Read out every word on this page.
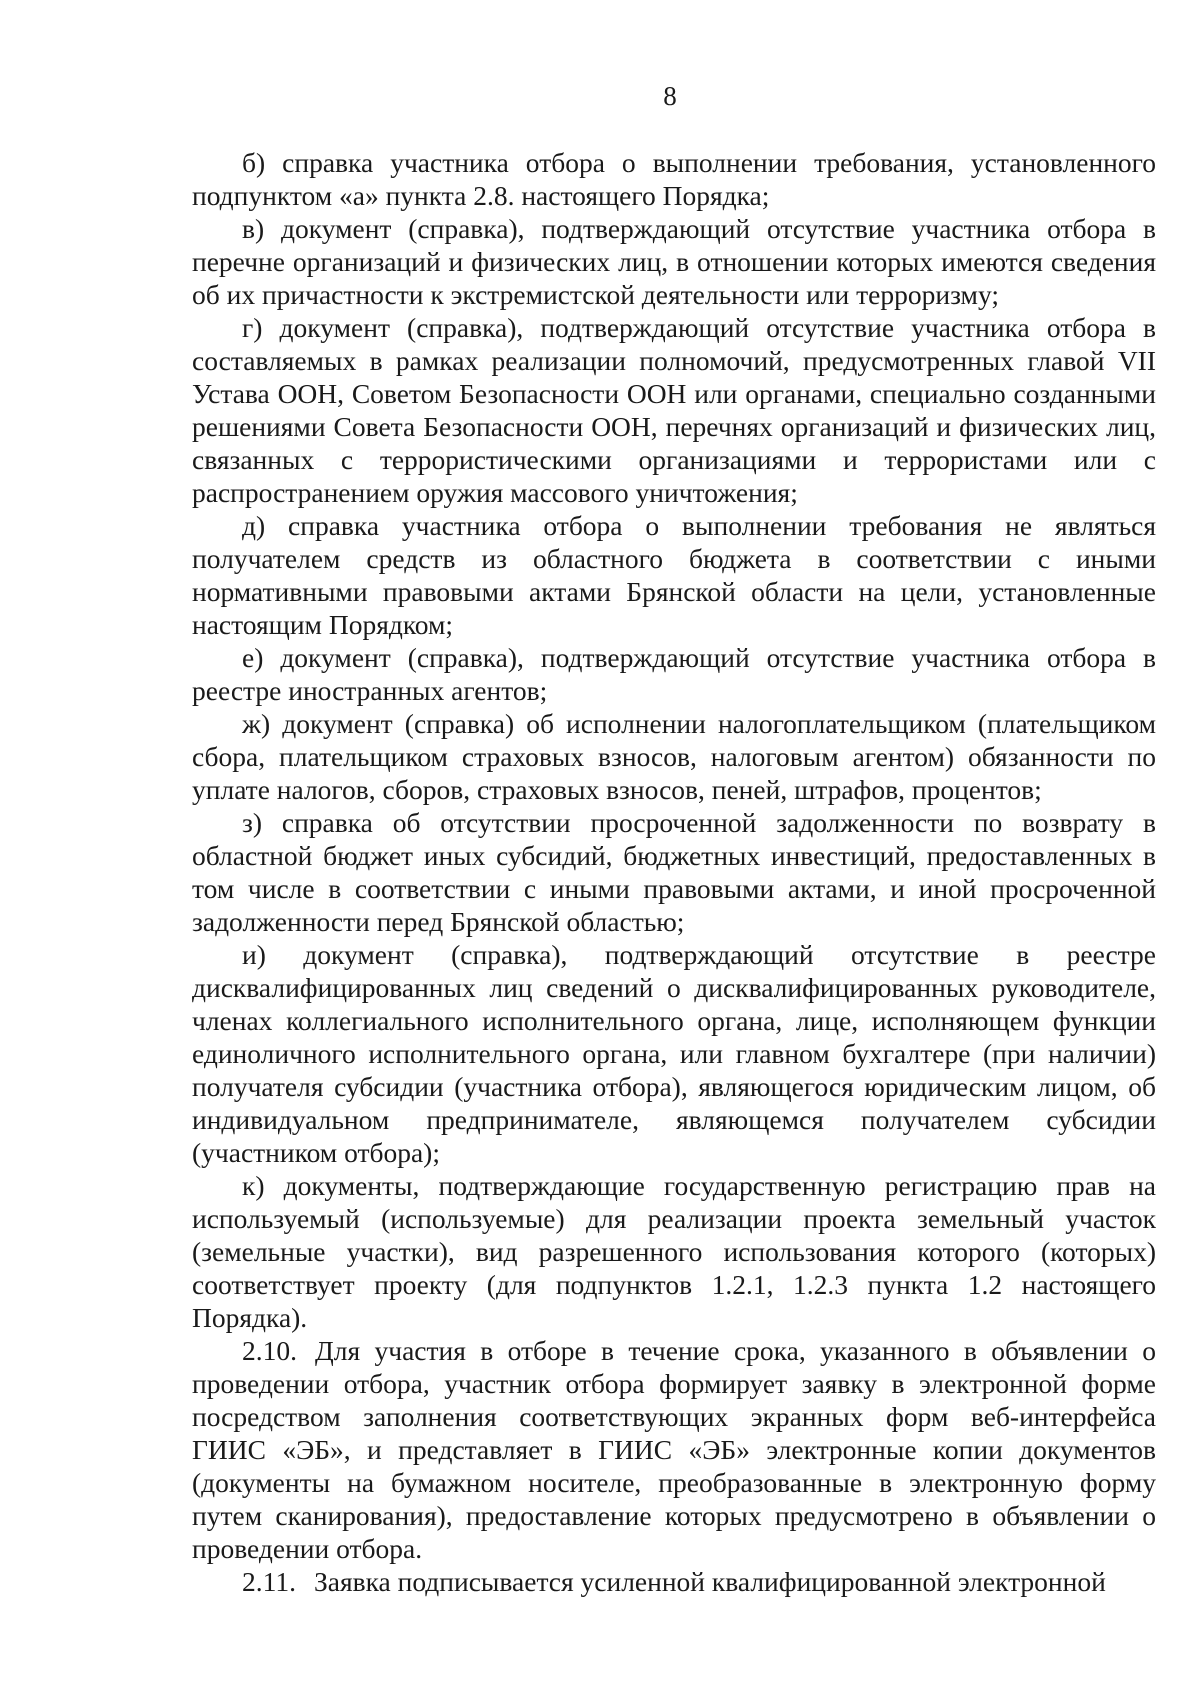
8

б) справка участника отбора о выполнении требования, установленного подпунктом «а» пункта 2.8. настоящего Порядка;

в) документ (справка), подтверждающий отсутствие участника отбора в перечне организаций и физических лиц, в отношении которых имеются сведения об их причастности к экстремистской деятельности или терроризму;

г) документ (справка), подтверждающий отсутствие участника отбора в составляемых в рамках реализации полномочий, предусмотренных главой VII Устава ООН, Советом Безопасности ООН или органами, специально созданными решениями Совета Безопасности ООН, перечнях организаций и физических лиц, связанных с террористическими организациями и террористами или с распространением оружия массового уничтожения;

д) справка участника отбора о выполнении требования не являться получателем средств из областного бюджета в соответствии с иными нормативными правовыми актами Брянской области на цели, установленные настоящим Порядком;

е) документ (справка), подтверждающий отсутствие участника отбора в реестре иностранных агентов;

ж) документ (справка) об исполнении налогоплательщиком (плательщиком сбора, плательщиком страховых взносов, налоговым агентом) обязанности по уплате налогов, сборов, страховых взносов, пеней, штрафов, процентов;

з) справка об отсутствии просроченной задолженности по возврату в областной бюджет иных субсидий, бюджетных инвестиций, предоставленных в том числе в соответствии с иными правовыми актами, и иной просроченной задолженности перед Брянской областью;

и) документ (справка), подтверждающий отсутствие в реестре дисквалифицированных лиц сведений о дисквалифицированных руководителе, членах коллегиального исполнительного органа, лице, исполняющем функции единоличного исполнительного органа, или главном бухгалтере (при наличии) получателя субсидии (участника отбора), являющегося юридическим лицом, об индивидуальном предпринимателе, являющемся получателем субсидии (участником отбора);

к) документы, подтверждающие государственную регистрацию прав на используемый (используемые) для реализации проекта земельный участок (земельные участки), вид разрешенного использования которого (которых) соответствует проекту (для подпунктов 1.2.1, 1.2.3 пункта 1.2 настоящего Порядка).

2.10. Для участия в отборе в течение срока, указанного в объявлении о проведении отбора, участник отбора формирует заявку в электронной форме посредством заполнения соответствующих экранных форм веб-интерфейса ГИИС «ЭБ», и представляет в ГИИС «ЭБ» электронные копии документов (документы на бумажном носителе, преобразованные в электронную форму путем сканирования), предоставление которых предусмотрено в объявлении о проведении отбора.

2.11. Заявка подписывается усиленной квалифицированной электронной
